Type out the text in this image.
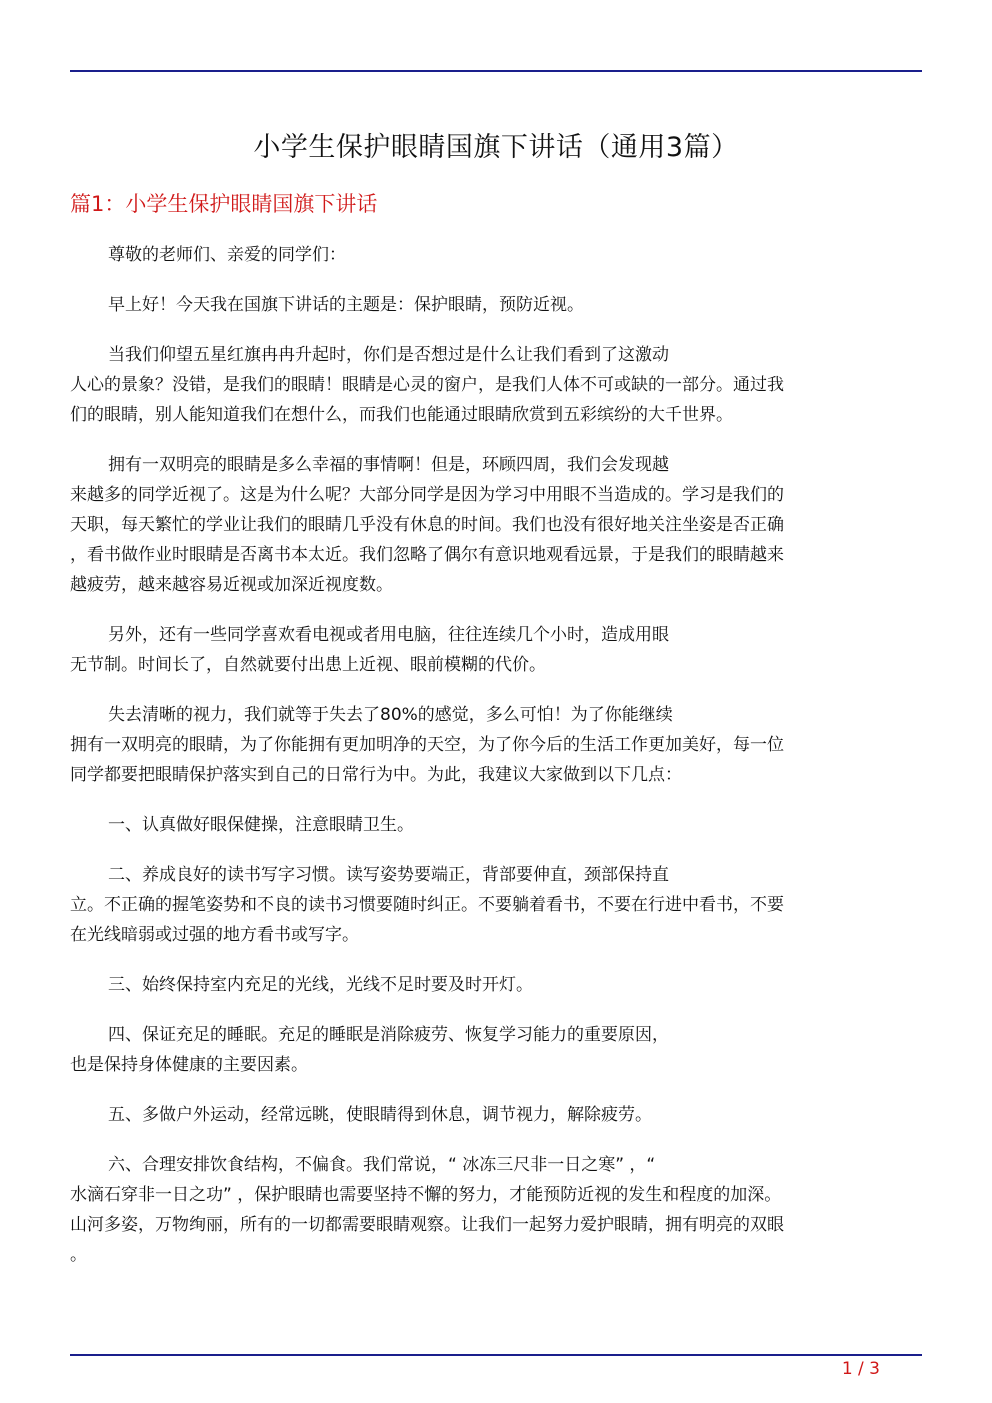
小学生保护眼睛国旗下讲话（通用3篇）
篇1：小学生保护眼睛国旗下讲话

尊敬的老师们、亲爱的同学们：

早上好！今天我在国旗下讲话的主题是：保护眼睛，预防近视。

当我们仰望五星红旗冉冉升起时，你们是否想过是什么让我们看到了这激动
人心的景象？没错，是我们的眼睛！眼睛是心灵的窗户，是我们人体不可或缺的一部分。通过我
们的眼睛，别人能知道我们在想什么，而我们也能通过眼睛欣赏到五彩缤纷的大千世界。

拥有一双明亮的眼睛是多么幸福的事情啊！但是，环顾四周，我们会发现越
来越多的同学近视了。这是为什么呢？大部分同学是因为学习中用眼不当造成的。学习是我们的
天职，每天繁忙的学业让我们的眼睛几乎没有休息的时间。我们也没有很好地关注坐姿是否正确
，看书做作业时眼睛是否离书本太近。我们忽略了偶尔有意识地观看远景，于是我们的眼睛越来
越疲劳，越来越容易近视或加深近视度数。

另外，还有一些同学喜欢看电视或者用电脑，往往连续几个小时，造成用眼
无节制。时间长了，自然就要付出患上近视、眼前模糊的代价。

失去清晰的视力，我们就等于失去了80%的感觉，多么可怕！为了你能继续
拥有一双明亮的眼睛，为了你能拥有更加明净的天空，为了你今后的生活工作更加美好，每一位
同学都要把眼睛保护落实到自己的日常行为中。为此，我建议大家做到以下几点：

一、认真做好眼保健操，注意眼睛卫生。

二、养成良好的读书写字习惯。读写姿势要端正，背部要伸直，颈部保持直
立。不正确的握笔姿势和不良的读书习惯要随时纠正。不要躺着看书，不要在行进中看书，不要
在光线暗弱或过强的地方看书或写字。

三、始终保持室内充足的光线，光线不足时要及时开灯。

四、保证充足的睡眠。充足的睡眠是消除疲劳、恢复学习能力的重要原因，
也是保持身体健康的主要因素。

五、多做户外运动，经常远眺，使眼睛得到休息，调节视力，解除疲劳。

六、合理安排饮食结构，不偏食。我们常说，“ 冰冻三尺非一日之寒” ，“
水滴石穿非一日之功” ，保护眼睛也需要坚持不懈的努力，才能预防近视的发生和程度的加深。
山河多姿，万物绚丽，所有的一切都需要眼睛观察。让我们一起努力爱护眼睛，拥有明亮的双眼
。

1 / 3
